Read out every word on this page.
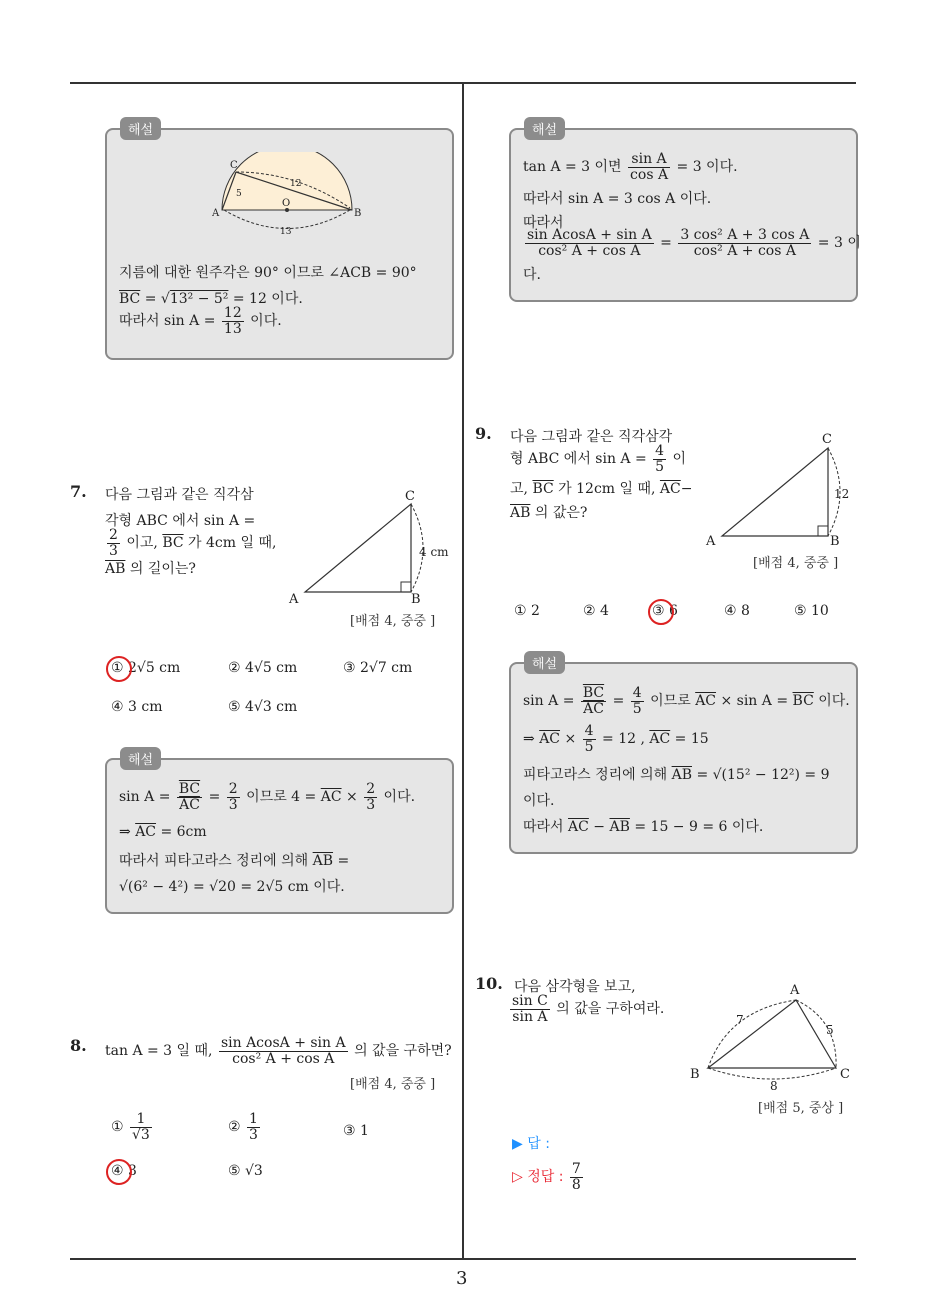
3
C
A
O
B
12
5
13
지름에 대한 원주각은 90° 이므로 ∠ACB = 90°
$\overline{BC} = √13^2 - 5^2 = 12$ 이다.
따라서 $\sin A = \frac{12}{13}$ 이다.
해설
7. 다음 그림과 같은 직각삼
각형 ABC 에서 sin A =
$\frac{2}{3}$ 이고, $\overline{BC}$ 가 4cm 일 때,
$\overline{AB}$ 의 길이는?
C
A	B
4 cm
[배점 4, 중중 ]
① 2√5 cm	② 4√5 cm	③ 2√7 cm
④ 3 cm	⑤ 4√3 cm
$\sin A = \frac{\overline{BC}}{AC} = \frac{2}{3}$ 이므로 $4 = \overline{AC} \times \frac{2}{3}$ 이다.
⇒ $\overline{AC} = 6cm$
따라서 피타고라스 정리에 의해 $\overline{AB}$ =
√(6² − 4²) = √20 = 2√5 cm 이다.
해설
8. tan A = 3 일 때, $\frac{\text{sin AcosA + sin A}}{\text{cos² A + cos A}}$ 의 값을 구하면?
[배점 4, 중중 ]
① $\frac{1}{√3}$	② $\frac{1}{3}$	③ 1
④ 3	⑤ √3
tan A = 3 이면 $\frac{\text{sin A}}{\text{cos A}} = 3$ 이다.
따라서 sin A = 3 cos A 이다.
따라서
$\frac{\text{sin AcosA + sin A}}{\text{cos² A + cos A}} = \frac{\text{3 cos² A + 3 cos A}}{\text{cos² A + cos A}} = 3$ 이
다.
해설
9. 다음 그림과 같은 직각삼각
형 ABC 에서 $\sin A = \frac{4}{5}$ 이
고, $\overline{BC}$ 가 12cm 일 때, $\overline{AC}-$
$\overline{AB}$ 의 값은?
C
A	B
12
[배점 4, 중중 ]
① 2	② 4	③ 6	④ 8	⑤ 10
$\sin A = \frac{\overline{BC}}{AC} = \frac{4}{5}$ 이므로 $\overline{AC} \times \sin A = \overline{BC}$ 이다.
⇒ $\overline{AC} \times \frac{4}{5} = 12$ , $\overline{AC} = 15$
피타고라스 정리에 의해 $\overline{AB} = √(15^2 - 12^2) = 9$
이다.
따라서 $\overline{AC} - \overline{AB} = 15 - 9 = 6$ 이다.
해설
10. 다음 삼각형을 보고,
$\frac{\text{sin C}}{\text{sin A}}$ 의 값을 구하여라.
A
B	C
7
5
8
[배점 5, 중상 ]
▶ 답 :
▷ 정답 : $\frac{7}{8}$
